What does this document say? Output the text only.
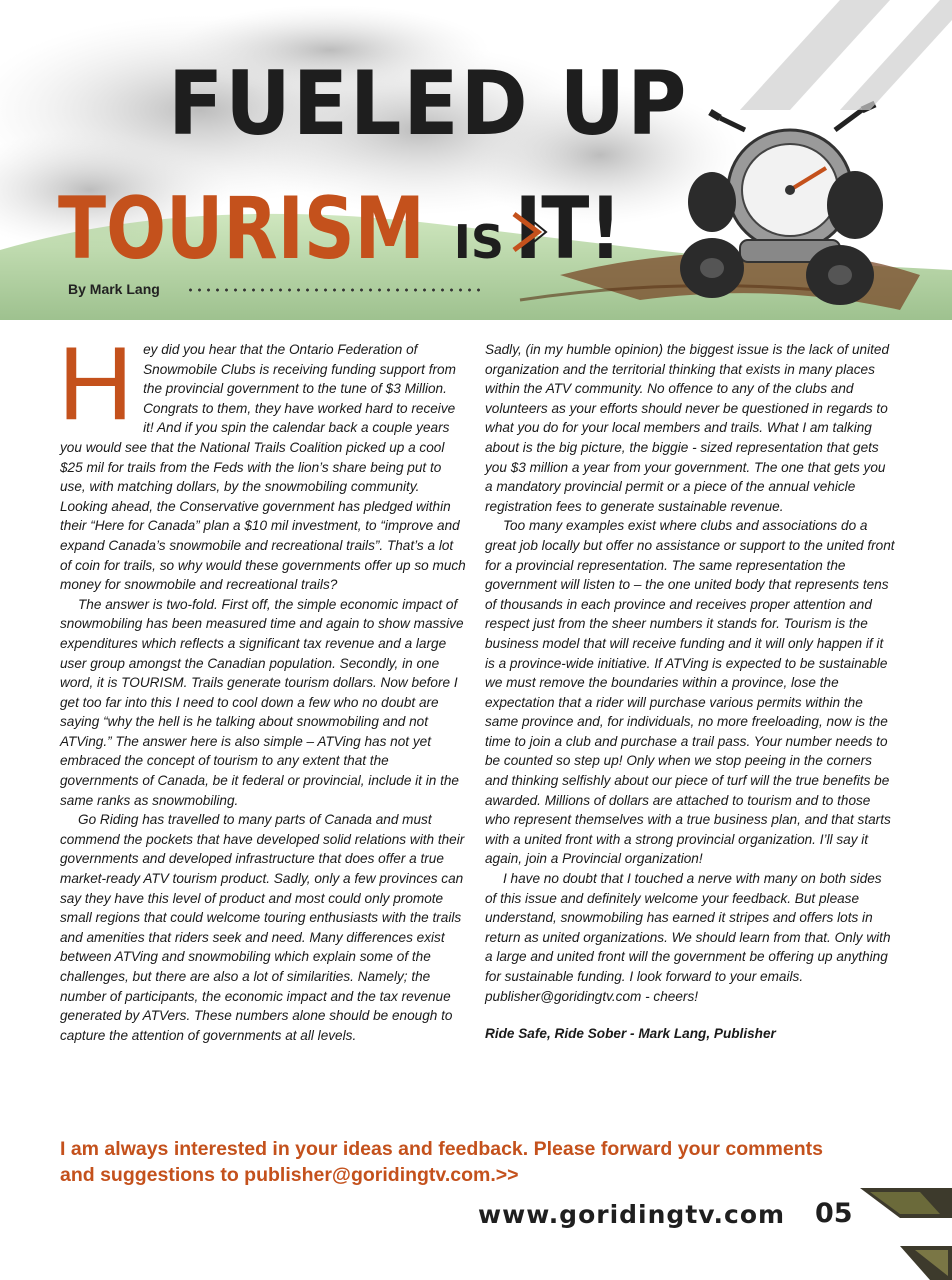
FUELED UP
TOURISM IS IT!
By Mark Lang
H ey did you hear that the Ontario Federation of Snowmobile Clubs is receiving funding support from the provincial government to the tune of $3 Million. Congrats to them, they have worked hard to receive it! And if you spin the calendar back a couple years you would see that the National Trails Coalition picked up a cool $25 mil for trails from the Feds with the lion’s share being put to use, with matching dollars, by the snowmobiling community. Looking ahead, the Conservative government has pledged within their “Here for Canada” plan a $10 mil investment, to “improve and expand Canada’s snowmobile and recreational trails”. That’s a lot of coin for trails, so why would these governments offer up so much money for snowmobile and recreational trails?

The answer is two-fold. First off, the simple economic impact of snowmobiling has been measured time and again to show massive expenditures which reflects a significant tax revenue and a large user group amongst the Canadian population. Secondly, in one word, it is TOURISM. Trails generate tourism dollars. Now before I get too far into this I need to cool down a few who no doubt are saying “why the hell is he talking about snowmobiling and not ATVing.” The answer here is also simple – ATVing has not yet embraced the concept of tourism to any extent that the governments of Canada, be it federal or provincial, include it in the same ranks as snowmobiling.

Go Riding has travelled to many parts of Canada and must commend the pockets that have developed solid relations with their governments and developed infrastructure that does offer a true market-ready ATV tourism product. Sadly, only a few provinces can say they have this level of product and most could only promote small regions that could welcome touring enthusiasts with the trails and amenities that riders seek and need. Many differences exist between ATVing and snowmobiling which explain some of the challenges, but there are also a lot of similarities. Namely; the number of participants, the economic impact and the tax revenue generated by ATVers. These numbers alone should be enough to capture the attention of governments at all levels.

Sadly, (in my humble opinion) the biggest issue is the lack of united organization and the territorial thinking that exists in many places within the ATV community. No offence to any of the clubs and volunteers as your efforts should never be questioned in regards to what you do for your local members and trails. What I am talking about is the big picture, the biggie - sized representation that gets you $3 million a year from your government. The one that gets you a mandatory provincial permit or a piece of the annual vehicle registration fees to generate sustainable revenue.

Too many examples exist where clubs and associations do a great job locally but offer no assistance or support to the united front for a provincial representation. The same representation the government will listen to – the one united body that represents tens of thousands in each province and receives proper attention and respect just from the sheer numbers it stands for. Tourism is the business model that will receive funding and it will only happen if it is a province-wide initiative. If ATVing is expected to be sustainable we must remove the boundaries within a province, lose the expectation that a rider will purchase various permits within the same province and, for individuals, no more freeloading, now is the time to join a club and purchase a trail pass. Your number needs to be counted so step up! Only when we stop peeing in the corners and thinking selfishly about our piece of turf will the true benefits be awarded. Millions of dollars are attached to tourism and to those who represent themselves with a true business plan, and that starts with a united front with a strong provincial organization. I’ll say it again, join a Provincial organization!

I have no doubt that I touched a nerve with many on both sides of this issue and definitely welcome your feedback. But please understand, snowmobiling has earned it stripes and offers lots in return as united organizations. We should learn from that. Only with a large and united front will the government be offering up anything for sustainable funding. I look forward to your emails. publisher@goridingtv.com - cheers!

Ride Safe, Ride Sober - Mark Lang, Publisher

I am always interested in your ideas and feedback. Please forward your comments and suggestions to publisher@goridingtv.com.>>
www.goridingtv.com 05
